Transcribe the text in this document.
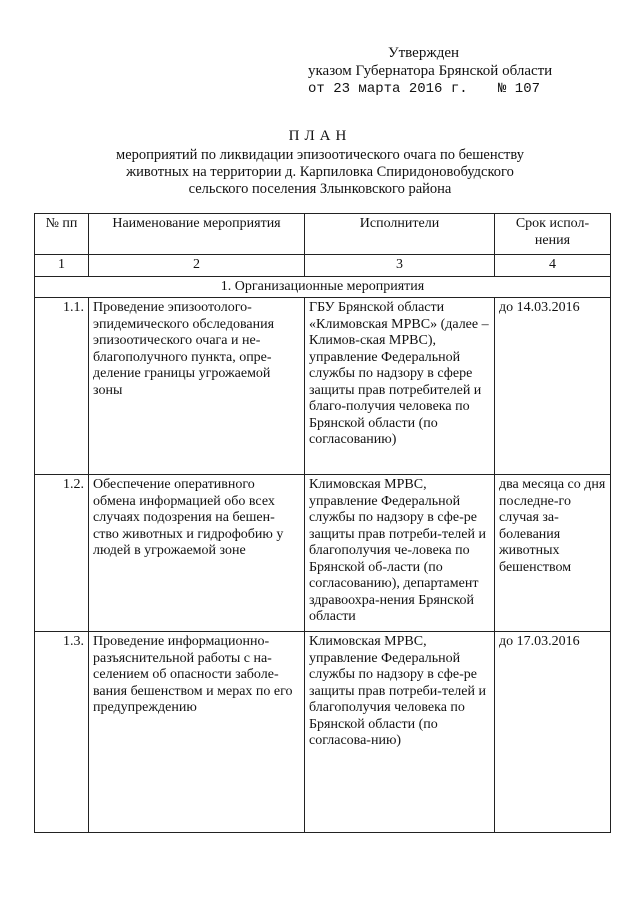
Утвержден
указом Губернатора Брянской области
от 23 марта 2016 г. № 107
ПЛАН
мероприятий по ликвидации эпизоотического очага по бешенству
животных на территории д. Карпиловка Спиридоновобудского
сельского поселения Злынковского района
№ пп	Наименование мероприятия	Исполнители	Срок испол-нения
1	2	3	4
1. Организационные мероприятия			
1.1.	Проведение эпизоотолого-эпидемического обследования эпизоотического очага и не-благополучного пункта, опре-деление границы угрожаемой зоны	ГБУ Брянской области «Климовская МРВС» (далее – Климов-ская МРВС), управление Федеральной службы по надзору в сфере защиты прав потребителей и благо-получия человека по Брянской области (по согласованию)	до 14.03.2016
1.2.	Обеспечение оперативного обмена информацией обо всех случаях подозрения на бешен-ство животных и гидрофобию у людей в угрожаемой зоне	Климовская МРВС, управление Федеральной службы по надзору в сфе-ре защиты прав потреби-телей и благополучия че-ловека по Брянской об-ласти (по согласованию), департамент здравоохра-нения Брянской области	два месяца со дня последне-го случая за-болевания животных бешенством
1.3.	Проведение информационно-разъяснительной работы с на-селением об опасности заболе-вания бешенством и мерах по его предупреждению	Климовская МРВС, управление Федеральной службы по надзору в сфе-ре защиты прав потреби-телей и благополучия человека по Брянской области (по согласова-нию)	до 17.03.2016
